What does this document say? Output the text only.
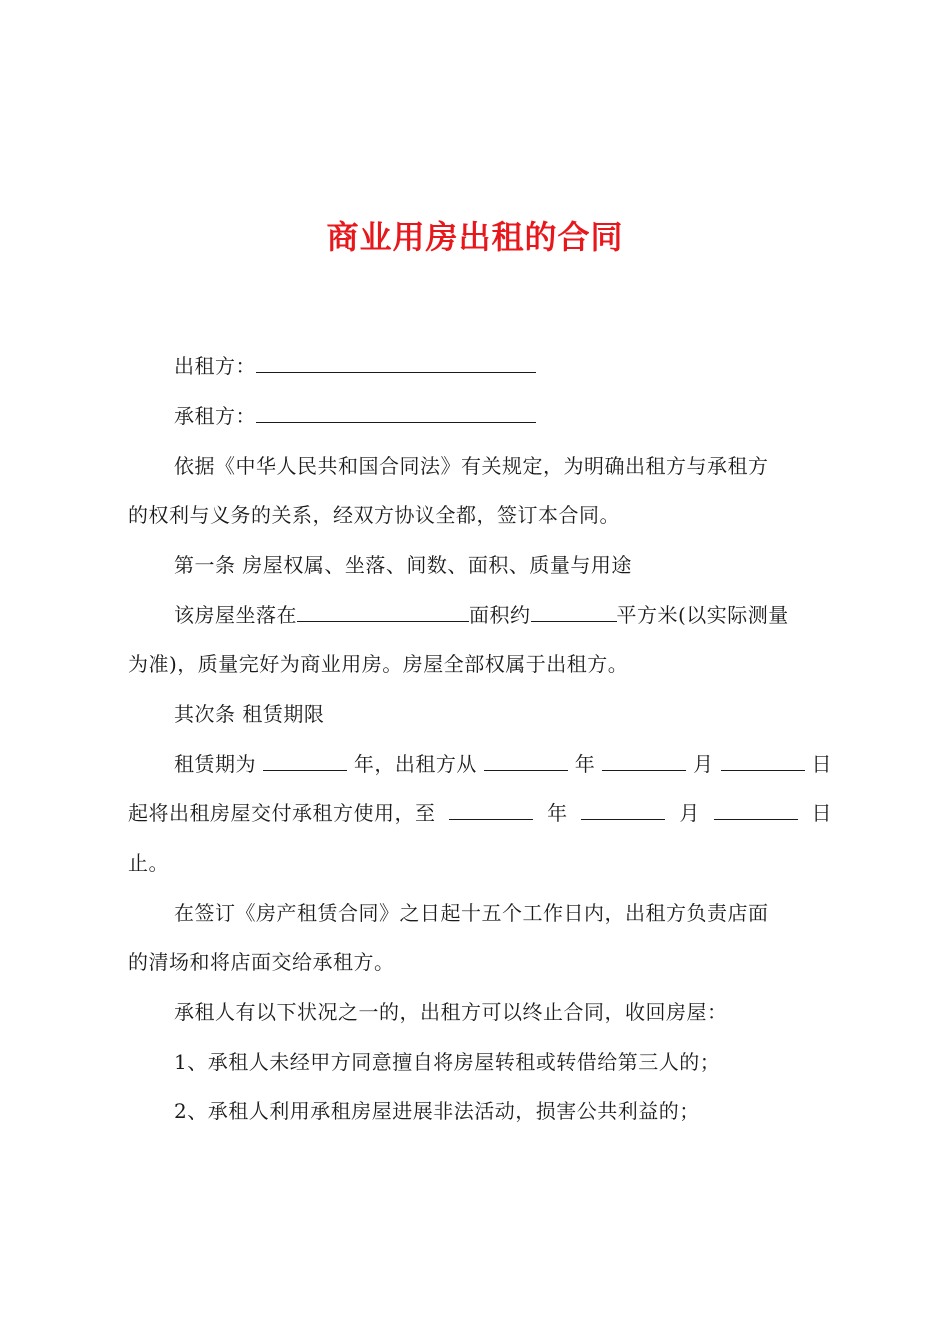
商业用房出租的合同
出租方：
承租方：
依据《中华人民共和国合同法》有关规定，为明确出租方与承租方
的权利与义务的关系，经双方协议全都，签订本合同。
第一条 房屋权属、坐落、间数、面积、质量与用途
该房屋坐落在	面积约	平方米(以实际测量
为准)，质量完好为商业用房。房屋全部权属于出租方。
其次条 租赁期限
租赁期为	年，出租方从	年	月	日
起将出租房屋交付承租方使用，至	年	月	日
止。
在签订《房产租赁合同》之日起十五个工作日内，出租方负责店面
的清场和将店面交给承租方。
承租人有以下状况之一的，出租方可以终止合同，收回房屋：
1、承租人未经甲方同意擅自将房屋转租或转借给第三人的；
2、承租人利用承租房屋进展非法活动，损害公共利益的；
